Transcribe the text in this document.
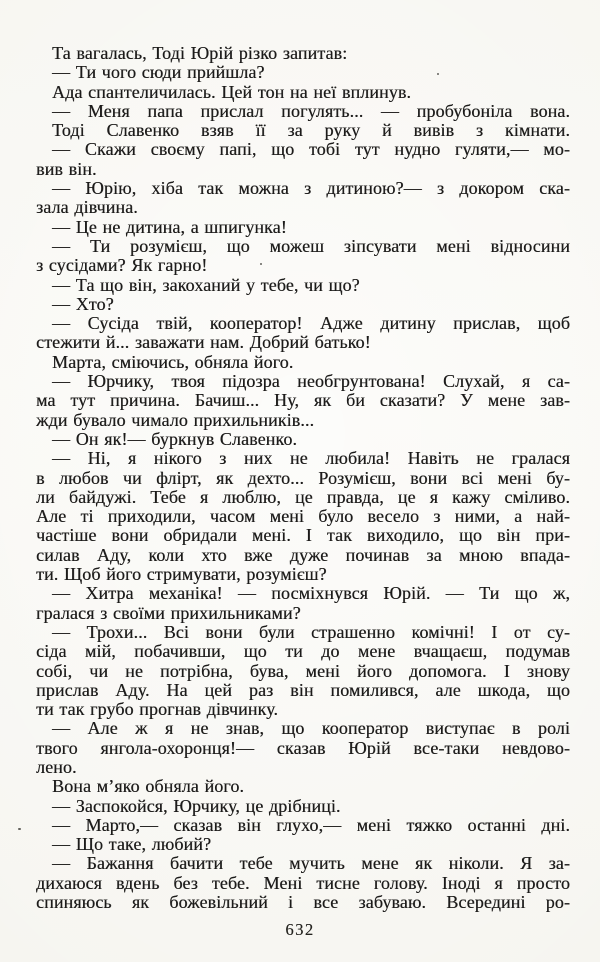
Та вагалась, Тоді Юрій різко запитав:
— Ти чого сюди прийшла?
Ада спантеличилась. Цей тон на неї вплинув.
— Меня папа прислал погулять... — пробубоніла вона.
Тоді Славенко взяв її за руку й вивів з кімнати.
— Скажи своєму папі, що тобі тут нудно гуляти,— мо-
вив він.
— Юрію, хіба так можна з дитиною?— з докором ска-
зала дівчина.
— Це не дитина, а шпигунка!
— Ти розумієш, що можеш зіпсувати мені відносини
з сусідами? Як гарно!
— Та що він, закоханий у тебе, чи що?
— Хто?
— Сусіда твій, кооператор! Адже дитину прислав, щоб
стежити й... заважати нам. Добрий батько!
Марта, сміючись, обняла його.
— Юрчику, твоя підозра необгрунтована! Слухай, я са-
ма тут причина. Бачиш... Ну, як би сказати? У мене зав-
жди бувало чимало прихильників...
— Он як!— буркнув Славенко.
— Ні, я нікого з них не любила! Навіть не гралася
в любов чи флірт, як дехто... Розумієш, вони всі мені бу-
ли байдужі. Тебе я люблю, це правда, це я кажу сміливо.
Але ті приходили, часом мені було весело з ними, а най-
частіше вони обридали мені. І так виходило, що він при-
силав Аду, коли хто вже дуже починав за мною впада-
ти. Щоб його стримувати, розумієш?
— Хитра механіка! — посміхнувся Юрій. — Ти що ж,
гралася з своїми прихильниками?
— Трохи... Всі вони були страшенно комічні! І от су-
сіда мій, побачивши, що ти до мене вчащаєш, подумав
собі, чи не потрібна, бува, мені його допомога. І знову
прислав Аду. На цей раз він помилився, але шкода, що
ти так грубо прогнав дівчинку.
— Але ж я не знав, що кооператор виступає в ролі
твого янгола-охоронця!— сказав Юрій все-таки невдово-
лено.
Вона м’яко обняла його.
— Заспокойся, Юрчику, це дрібниці.
— Марто,— сказав він глухо,— мені тяжко останні дні.
— Що таке, любий?
— Бажання бачити тебе мучить мене як ніколи. Я за-
дихаюся вдень без тебе. Мені тисне голову. Іноді я просто
спиняюсь як божевільний і все забуваю. Всередині ро-
632
